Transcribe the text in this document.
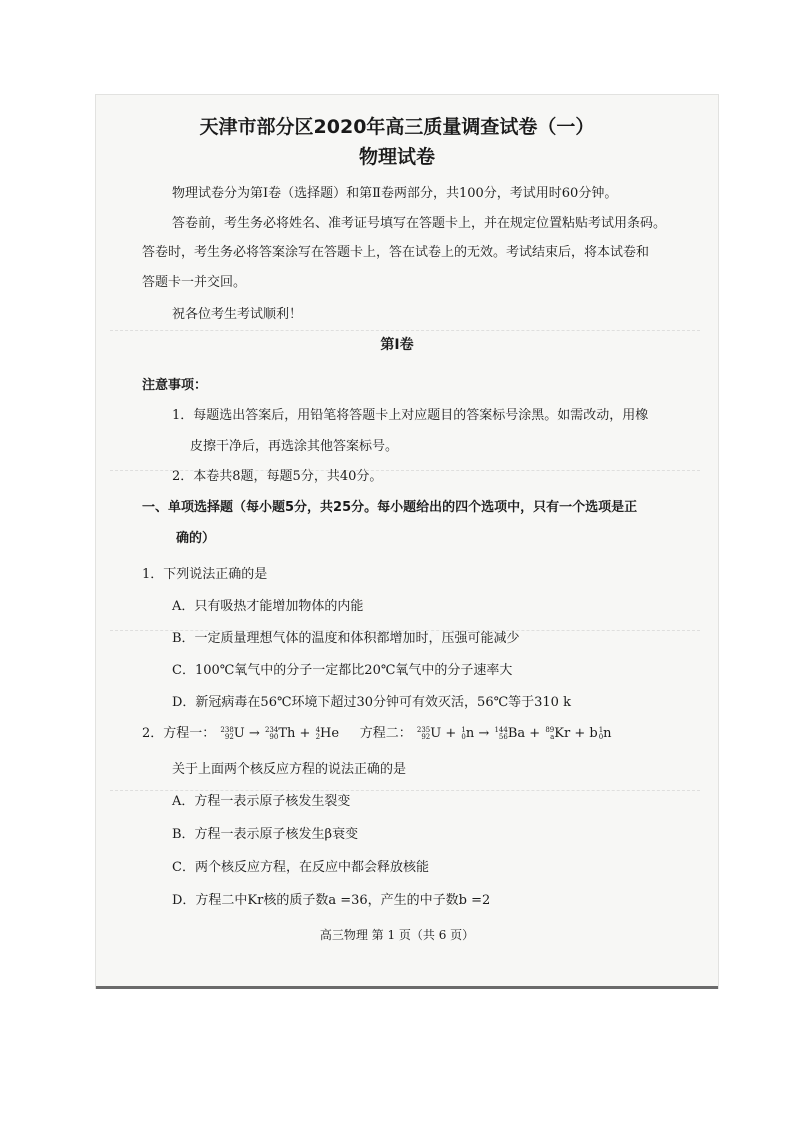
天津市部分区2020年高三质量调查试卷（一）
物理试卷
物理试卷分为第Ⅰ卷（选择题）和第Ⅱ卷两部分，共100分，考试用时60分钟。
答卷前，考生务必将姓名、准考证号填写在答题卡上，并在规定位置粘贴考试用条码。
答卷时，考生务必将答案涂写在答题卡上，答在试卷上的无效。考试结束后，将本试卷和
答题卡一并交回。
祝各位考生考试顺利！
第Ⅰ卷
注意事项：
1．每题选出答案后，用铅笔将答题卡上对应题目的答案标号涂黑。如需改动，用橡
皮擦干净后，再选涂其他答案标号。
2．本卷共8题，每题5分，共40分。
一、单项选择题（每小题5分，共25分。每小题给出的四个选项中，只有一个选项是正
确的）
1．下列说法正确的是
A．只有吸热才能增加物体的内能
B．一定质量理想气体的温度和体积都增加时，压强可能减少
C．100℃氧气中的分子一定都比20℃氧气中的分子速率大
D．新冠病毒在56℃环境下超过30分钟可有效灭活，56℃等于310 k
2．方程一： 238
92 U → 234
90 Th + 4
2 He 方程二： 235
92 U + 1
0 n → 144
56 Ba + 89
a Kr + b 1
0 n
关于上面两个核反应方程的说法正确的是
A．方程一表示原子核发生裂变
B．方程一表示原子核发生β衰变
C．两个核反应方程，在反应中都会释放核能
D．方程二中Kr核的质子数a =36，产生的中子数b =2
高三物理 第 1 页（共 6 页）
